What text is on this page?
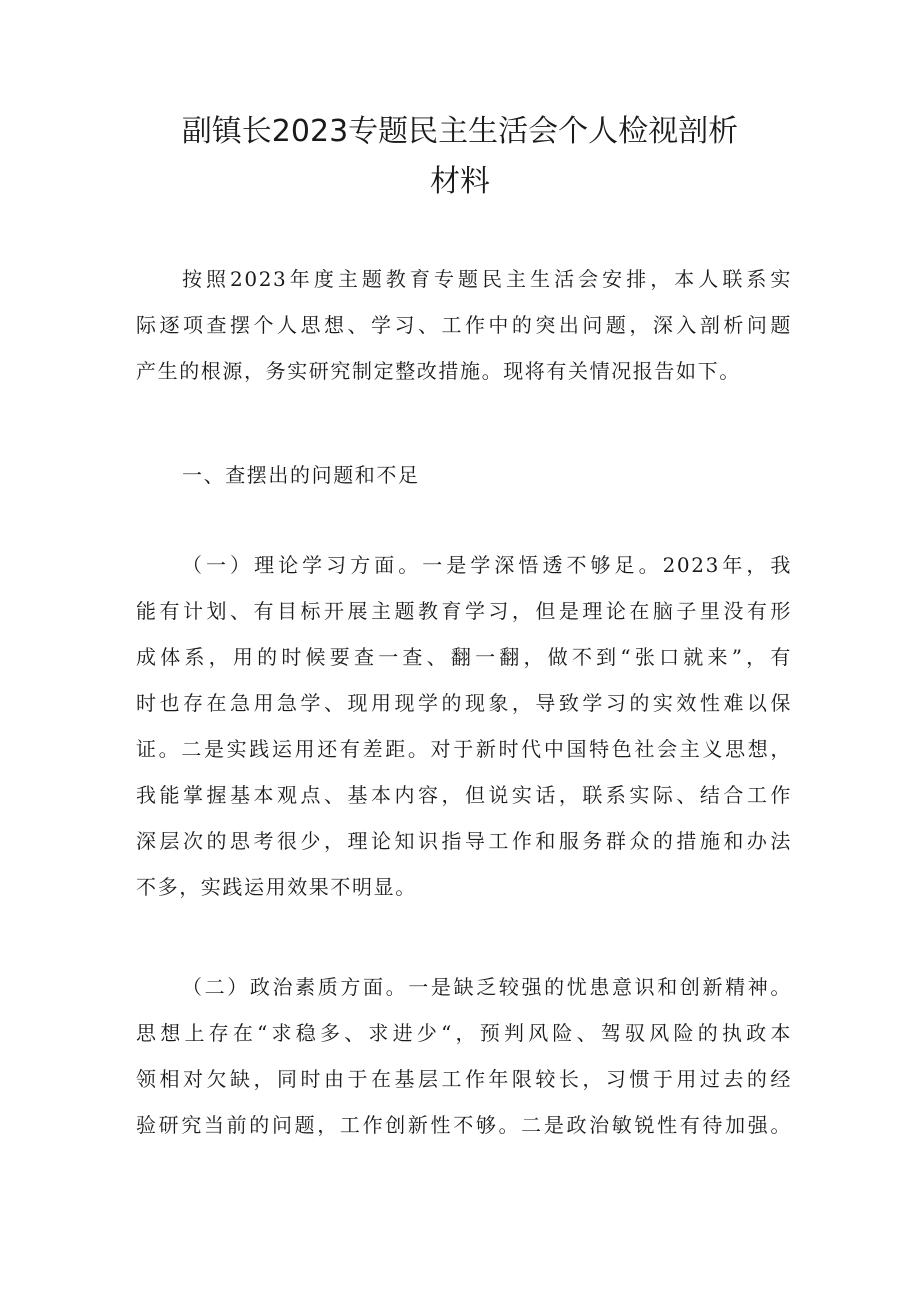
副镇长2023专题民主生活会个人检视剖析
材料

按照2023年度主题教育专题民主生活会安排，本人联系实
际逐项查摆个人思想、学习、工作中的突出问题，深入剖析问题
产生的根源，务实研究制定整改措施。现将有关情况报告如下。

一、查摆出的问题和不足

（一）理论学习方面。一是学深悟透不够足。2023年，我
能有计划、有目标开展主题教育学习，但是理论在脑子里没有形
成体系，用的时候要查一查、翻一翻，做不到“张口就来”，有
时也存在急用急学、现用现学的现象，导致学习的实效性难以保
证。二是实践运用还有差距。对于新时代中国特色社会主义思想，
我能掌握基本观点、基本内容，但说实话，联系实际、结合工作
深层次的思考很少，理论知识指导工作和服务群众的措施和办法
不多，实践运用效果不明显。

（二）政治素质方面。一是缺乏较强的忧患意识和创新精神。
思想上存在“求稳多、求进少“，预判风险、驾驭风险的执政本
领相对欠缺，同时由于在基层工作年限较长，习惯于用过去的经
验研究当前的问题，工作创新性不够。二是政治敏锐性有待加强。
